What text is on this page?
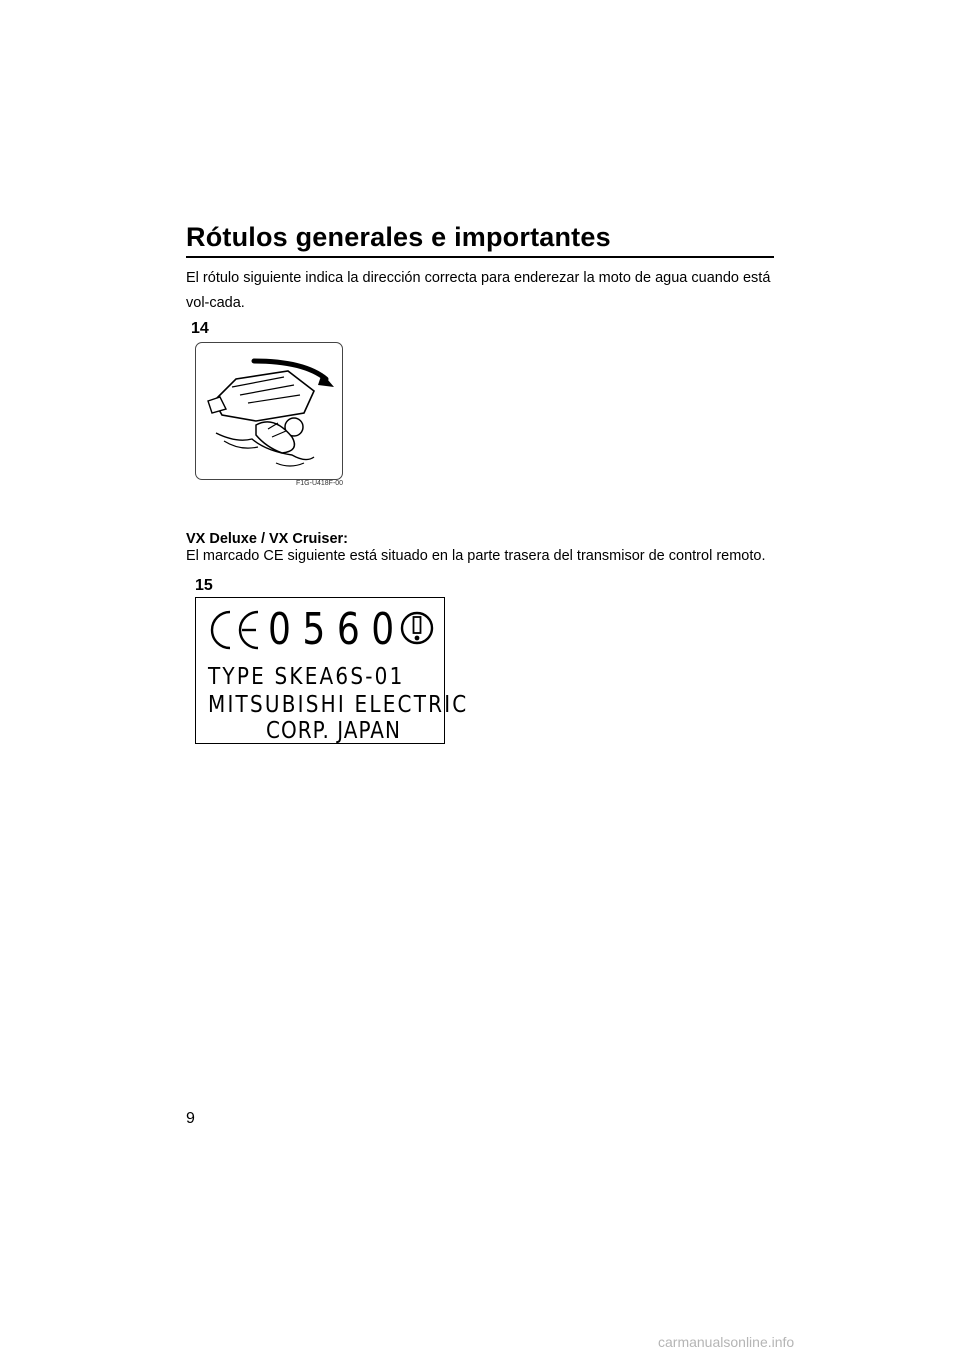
Rótulos generales e importantes

El rótulo siguiente indica la dirección correcta para enderezar la moto de agua cuando está vol-cada.

14
F1G-U418F-00
VX Deluxe / VX Cruiser:
El marcado CE siguiente está situado en la parte trasera del transmisor de control remoto.
15
0560
TYPE SKEA6S-01
MITSUBISHI ELECTRIC
CORP. JAPAN
9
carmanualsonline.info
